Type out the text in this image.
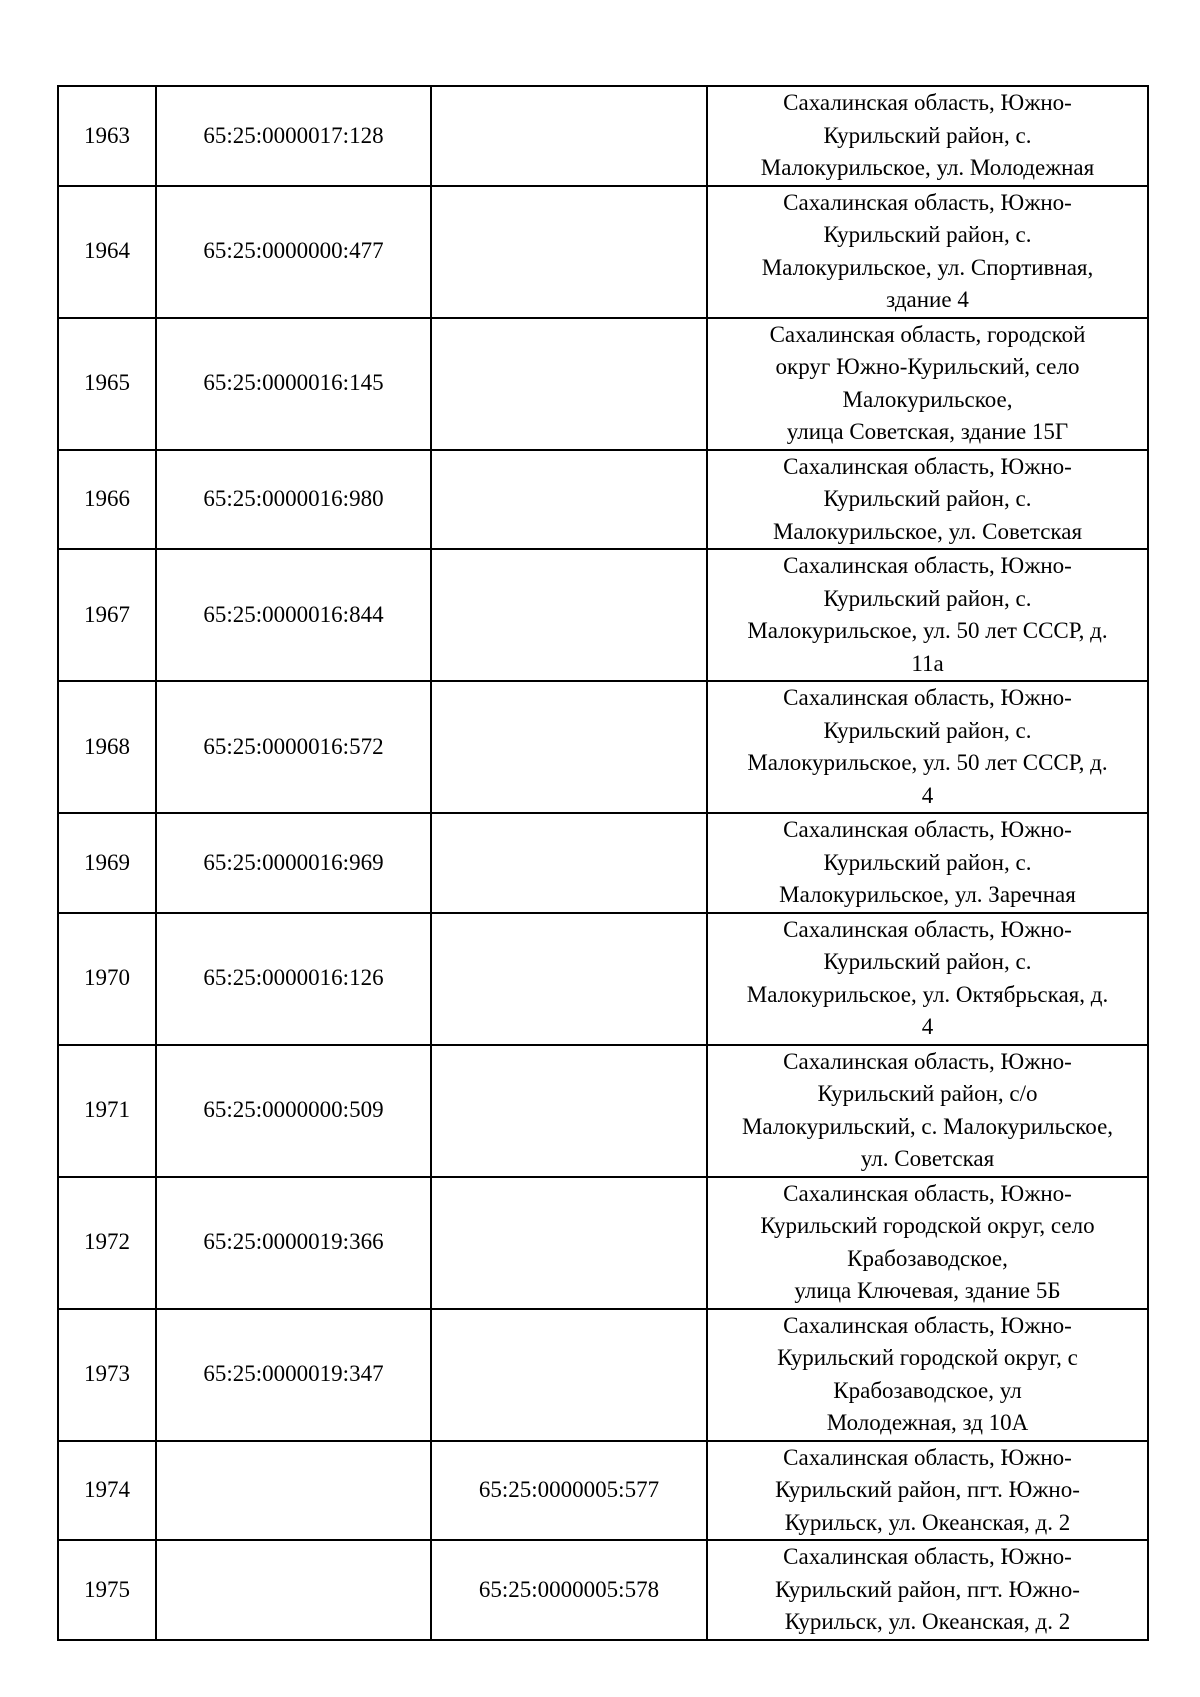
1963	65:25:0000017:128		Сахалинская область, Южно-
Курильский район, с.
Малокурильское, ул. Молодежная
1964	65:25:0000000:477		Сахалинская область, Южно-
Курильский район, с.
Малокурильское, ул. Спортивная,
здание 4
1965	65:25:0000016:145		Сахалинская область, городской
округ Южно-Курильский, село
Малокурильское,
улица Советская, здание 15Г
1966	65:25:0000016:980		Сахалинская область, Южно-
Курильский район, с.
Малокурильское, ул. Советская
1967	65:25:0000016:844		Сахалинская область, Южно-
Курильский район, с.
Малокурильское, ул. 50 лет СССР, д.
11а
1968	65:25:0000016:572		Сахалинская область, Южно-
Курильский район, с.
Малокурильское, ул. 50 лет СССР, д.
4
1969	65:25:0000016:969		Сахалинская область, Южно-
Курильский район, с.
Малокурильское, ул. Заречная
1970	65:25:0000016:126		Сахалинская область, Южно-
Курильский район, с.
Малокурильское, ул. Октябрьская, д.
4
1971	65:25:0000000:509		Сахалинская область, Южно-
Курильский район, с/о
Малокурильский, с. Малокурильское,
ул. Советская
1972	65:25:0000019:366		Сахалинская область, Южно-
Курильский городской округ, село
Крабозаводское,
улица Ключевая, здание 5Б
1973	65:25:0000019:347		Сахалинская область, Южно-
Курильский городской округ, с
Крабозаводское, ул
Молодежная, зд 10А
1974		65:25:0000005:577	Сахалинская область, Южно-
Курильский район, пгт. Южно-
Курильск, ул. Океанская, д. 2
1975		65:25:0000005:578	Сахалинская область, Южно-
Курильский район, пгт. Южно-
Курильск, ул. Океанская, д. 2
